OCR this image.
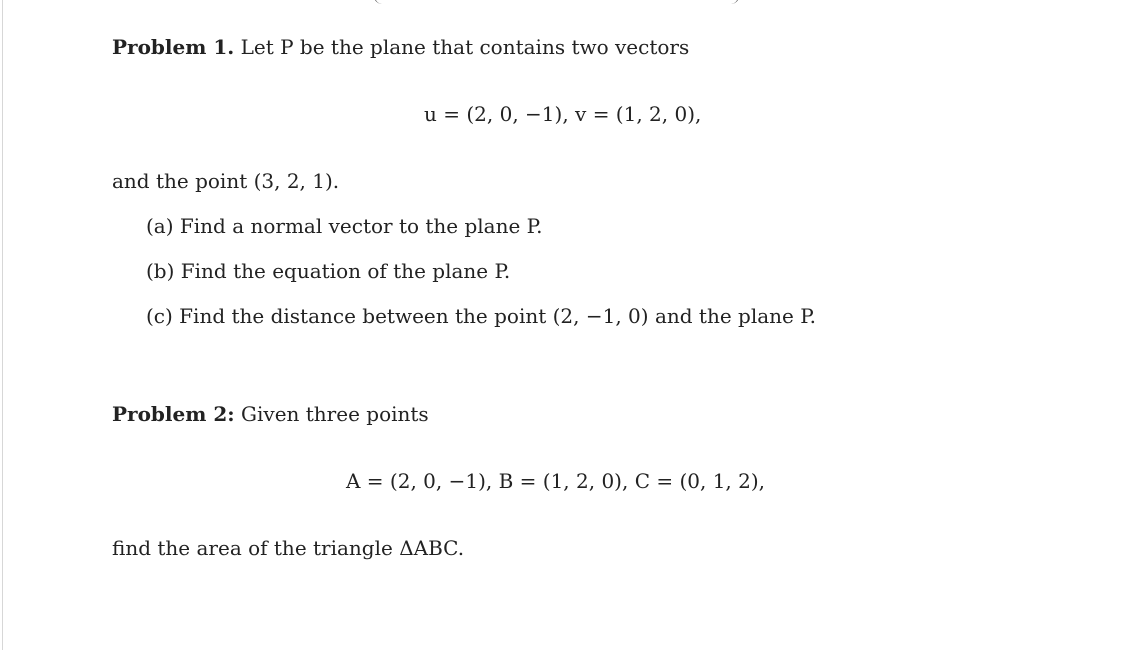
Problem 1. Let P be the plane that contains two vectors
u = (2, 0, −1), v = (1, 2, 0),
and the point (3, 2, 1).
(a) Find a normal vector to the plane P.
(b) Find the equation of the plane P.
(c) Find the distance between the point (2, −1, 0) and the plane P.
Problem 2: Given three points
A = (2, 0, −1), B = (1, 2, 0), C = (0, 1, 2),
find the area of the triangle ΔABC.
